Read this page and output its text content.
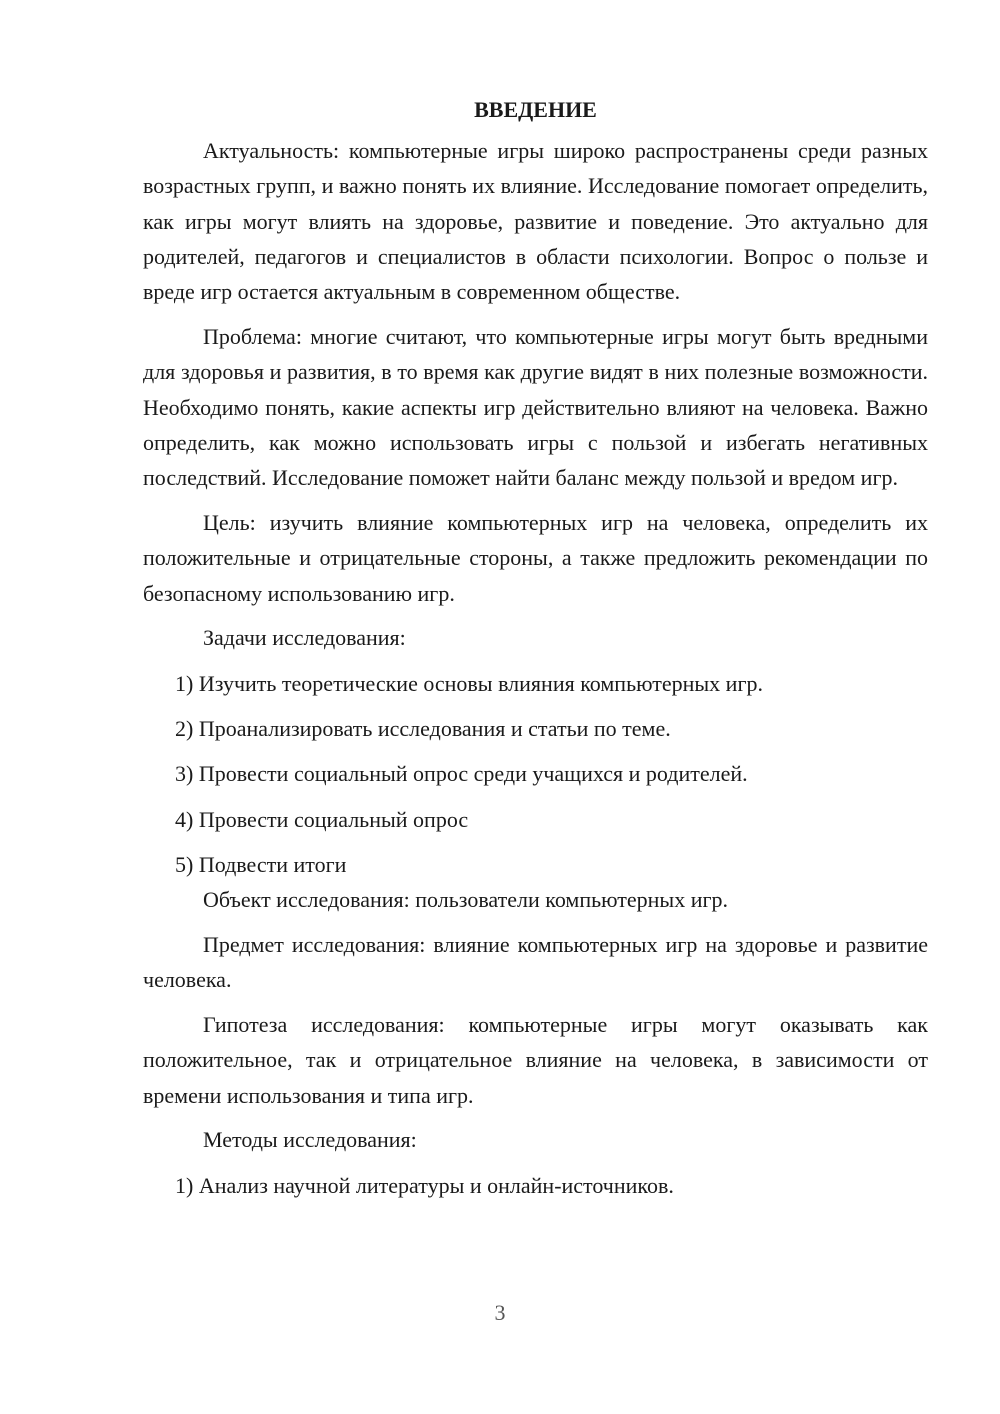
ВВЕДЕНИЕ

Актуальность: компьютерные игры широко распространены среди разных возрастных групп, и важно понять их влияние. Исследование помогает определить, как игры могут влиять на здоровье, развитие и поведение. Это актуально для родителей, педагогов и специалистов в области психологии. Вопрос о пользе и вреде игр остается актуальным в современном обществе.

Проблема: многие считают, что компьютерные игры могут быть вредными для здоровья и развития, в то время как другие видят в них полезные возможности. Необходимо понять, какие аспекты игр действительно влияют на человека. Важно определить, как можно использовать игры с пользой и избегать негативных последствий. Исследование поможет найти баланс между пользой и вредом игр.

Цель: изучить влияние компьютерных игр на человека, определить их положительные и отрицательные стороны, а также предложить рекомендации по безопасному использованию игр.

Задачи исследования:

1) Изучить теоретические основы влияния компьютерных игр.

2) Проанализировать исследования и статьи по теме.

3) Провести социальный опрос среди учащихся и родителей.

4) Провести социальный опрос

5) Подвести итоги

Объект исследования: пользователи компьютерных игр.

Предмет исследования: влияние компьютерных игр на здоровье и развитие человека.

Гипотеза исследования: компьютерные игры могут оказывать как положительное, так и отрицательное влияние на человека, в зависимости от времени использования и типа игр.

Методы исследования:

1) Анализ научной литературы и онлайн-источников.

3
